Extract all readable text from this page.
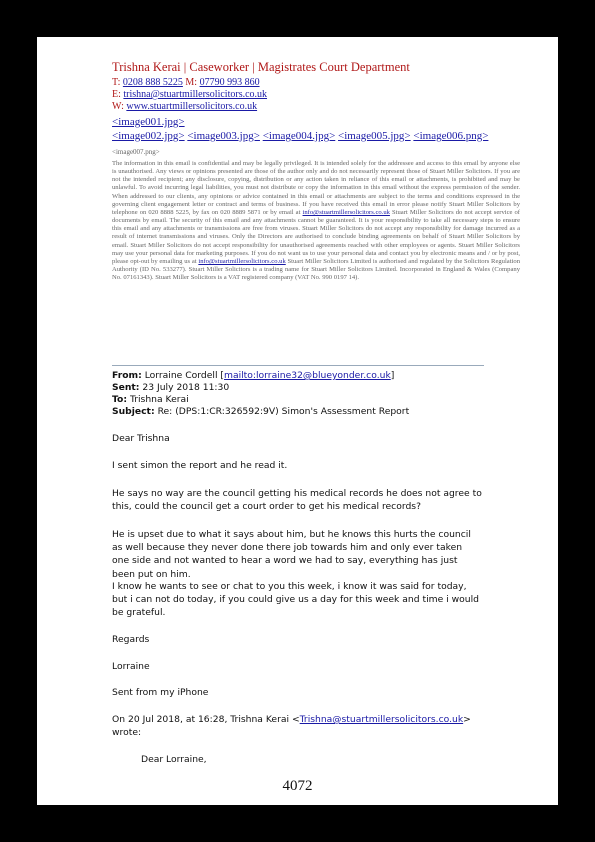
Trishna Kerai | Caseworker | Magistrates Court Department
T: 0208 888 5225 M: 07790 993 860
E: trishna@stuartmillersolicitors.co.uk
W: www.stuartmillersolicitors.co.uk
<image001.jpg>
<image002.jpg> <image003.jpg> <image004.jpg> <image005.jpg> <image006.png>
<image007.png>
The information in this email is confidential and may be legally privileged. It is intended solely for the addressee and access to this email by anyone else is unauthorised. Any views or opinions presented are those of the author only and do not necessarily represent those of Stuart Miller Solicitors. If you are not the intended recipient; any disclosure, copying, distribution or any action taken in reliance of this email or attachments, is prohibited and may be unlawful. To avoid incurring legal liabilities, you must not distribute or copy the information in this email without the express permission of the sender. When addressed to our clients, any opinions or advice contained in this email or attachments are subject to the terms and conditions expressed in the governing client engagement letter or contract and terms of business. If you have received this email in error please notify Stuart Miller Solicitors by telephone on 020 8888 5225, by fax on 020 8889 5871 or by email at info@stuartmillersolicitors.co.uk Stuart Miller Solicitors do not accept service of documents by email. The security of this email and any attachments cannot be guaranteed. It is your responsibility to take all necessary steps to ensure this email and any attachments or transmissions are free from viruses. Stuart Miller Solicitors do not accept any responsibility for damage incurred as a result of internet transmissions and viruses. Only the Directors are authorised to conclude binding agreements on behalf of Stuart Miller Solicitors by email. Stuart Miller Solicitors do not accept responsibility for unauthorised agreements reached with other employees or agents. Stuart Miller Solicitors may use your personal data for marketing purposes. If you do not want us to use your personal data and contact you by electronic means and / or by post, please opt-out by emailing us at info@stuartmillersolicitors.co.uk Stuart Miller Solicitors Limited is authorised and regulated by the Solicitors Regulation Authority (ID No. 533277). Stuart Miller Solicitors is a trading name for Stuart Miller Solicitors Limited. Incorporated in England & Wales (Company No. 07161343). Stuart Miller Solicitors is a VAT registered company (VAT No. 990 0197 14).
From: Lorraine Cordell [mailto:lorraine32@blueyonder.co.uk]
Sent: 23 July 2018 11:30
To: Trishna Kerai
Subject: Re: (DPS:1:CR:326592:9V) Simon's Assessment Report
Dear Trishna
I sent simon the report and he read it.
He says no way are the council getting his medical records he does not agree to this, could the council get a court order to get his medical records?
He is upset due to what it says about him, but he knows this hurts the council as well because they never done there job towards him and only ever taken one side and not wanted to hear a word we had to say, everything has just been put on him.
I know he wants to see or chat to you this week, i know it was said for today, but i can not do today, if you could give us a day for this week and time i would be grateful.
Regards
Lorraine
Sent from my iPhone
On 20 Jul 2018, at 16:28, Trishna Kerai <Trishna@stuartmillersolicitors.co.uk>
wrote:
Dear Lorraine,
4072
